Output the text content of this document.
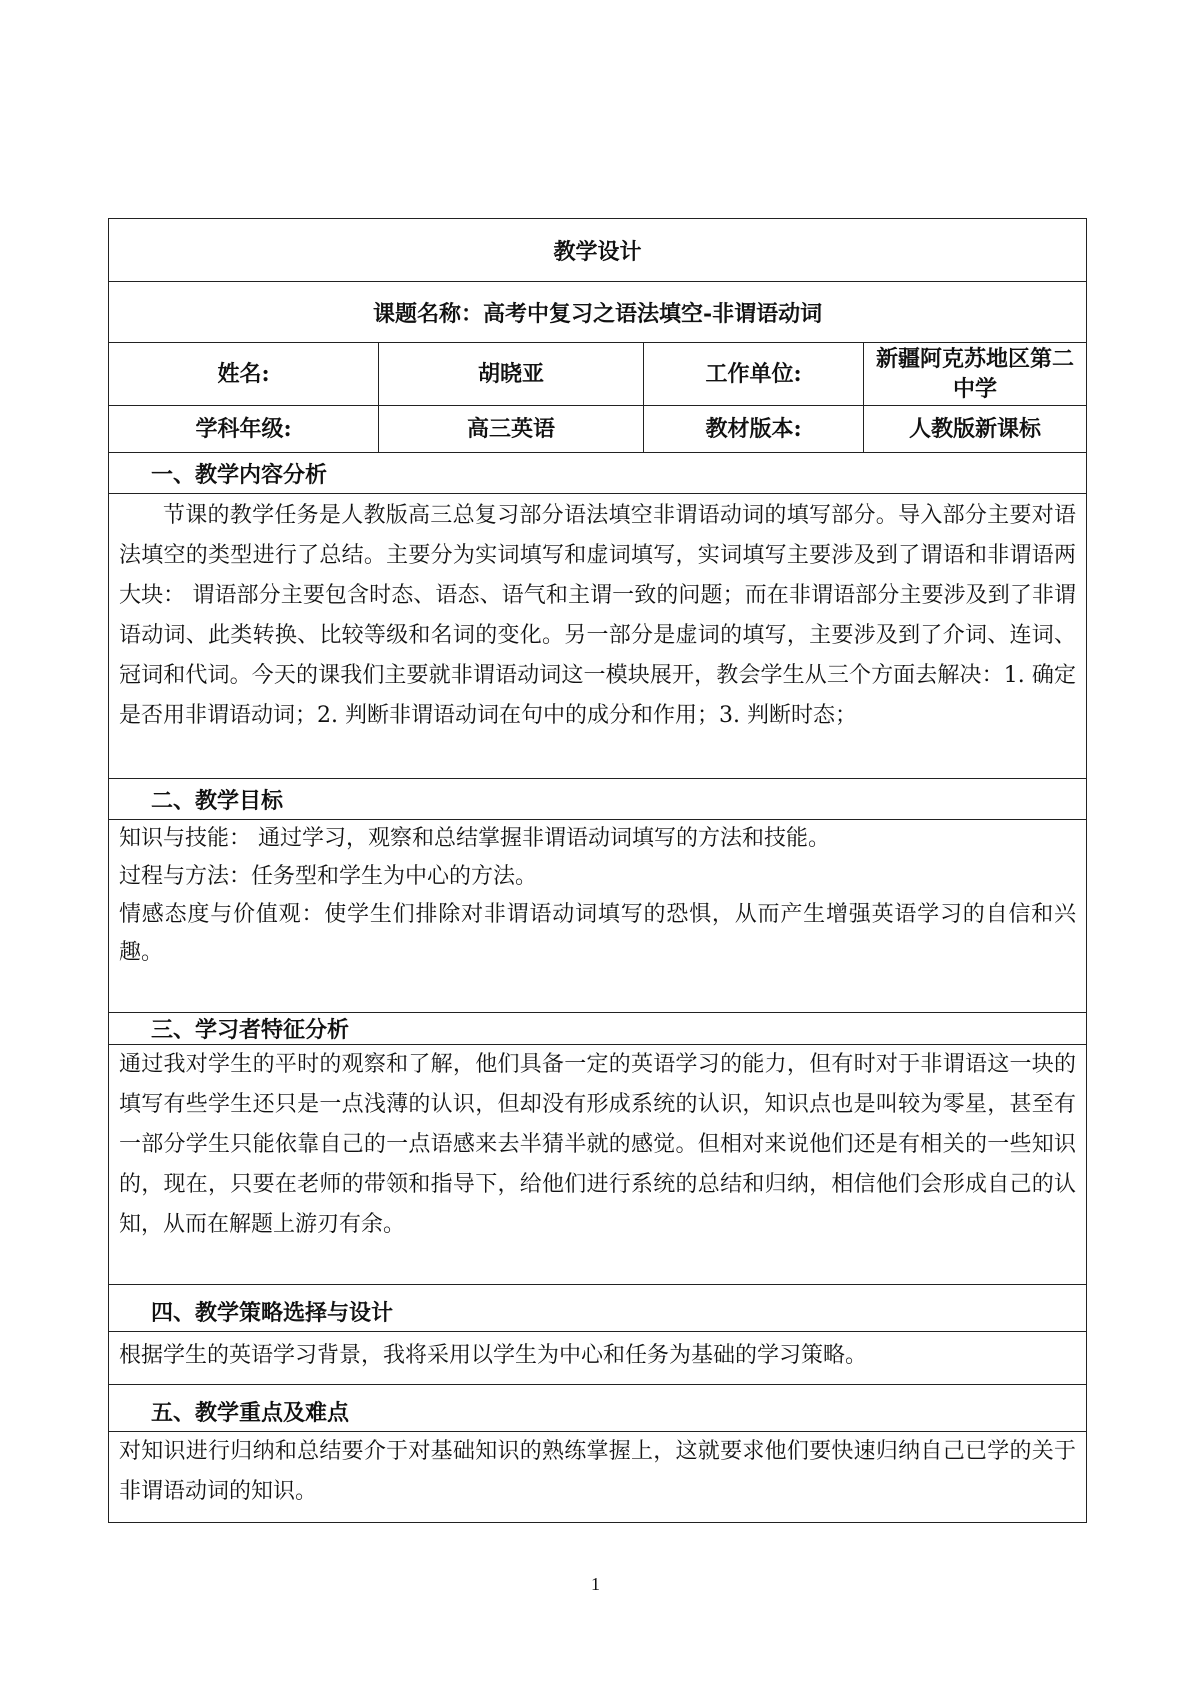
教学设计			
课题名称：高考中复习之语法填空-非谓语动词			
姓名:	胡晓亚	工作单位:	新疆阿克苏地区第二中学
学科年级:	高三英语	教材版本:	人教版新课标
一、教学内容分析			

节课的教学任务是人教版高三总复习部分语法填空非谓语动词的填写部分。导入部分主要对语法填空的类型进行了总结。主要分为实词填写和虚词填写，实词填写主要涉及到了谓语和非谓语两大块： 谓语部分主要包含时态、语态、语气和主谓一致的问题；而在非谓语部分主要涉及到了非谓语动词、此类转换、比较等级和名词的变化。另一部分是虚词的填写，主要涉及到了介词、连词、冠词和代词。今天的课我们主要就非谓语动词这一模块展开，教会学生从三个方面去解决：1. 确定是否用非谓语动词；2. 判断非谓语动词在句中的成分和作用；3. 判断时态；			

二、教学目标			

知识与技能： 通过学习，观察和总结掌握非谓语动词填写的方法和技能。
过程与方法：任务型和学生为中心的方法。
情感态度与价值观：使学生们排除对非谓语动词填写的恐惧，从而产生增强英语学习的自信和兴趣。			

三、学习者特征分析			

通过我对学生的平时的观察和了解，他们具备一定的英语学习的能力，但有时对于非谓语这一块的填写有些学生还只是一点浅薄的认识，但却没有形成系统的认识，知识点也是叫较为零星，甚至有一部分学生只能依靠自己的一点语感来去半猜半就的感觉。但相对来说他们还是有相关的一些知识的，现在，只要在老师的带领和指导下，给他们进行系统的总结和归纳，相信他们会形成自己的认知，从而在解题上游刃有余。			

四、教学策略选择与设计			

根据学生的英语学习背景，我将采用以学生为中心和任务为基础的学习策略。			

五、教学重点及难点			

对知识进行归纳和总结要介于对基础知识的熟练掌握上，这就要求他们要快速归纳自己已学的关于非谓语动词的知识。			
1
